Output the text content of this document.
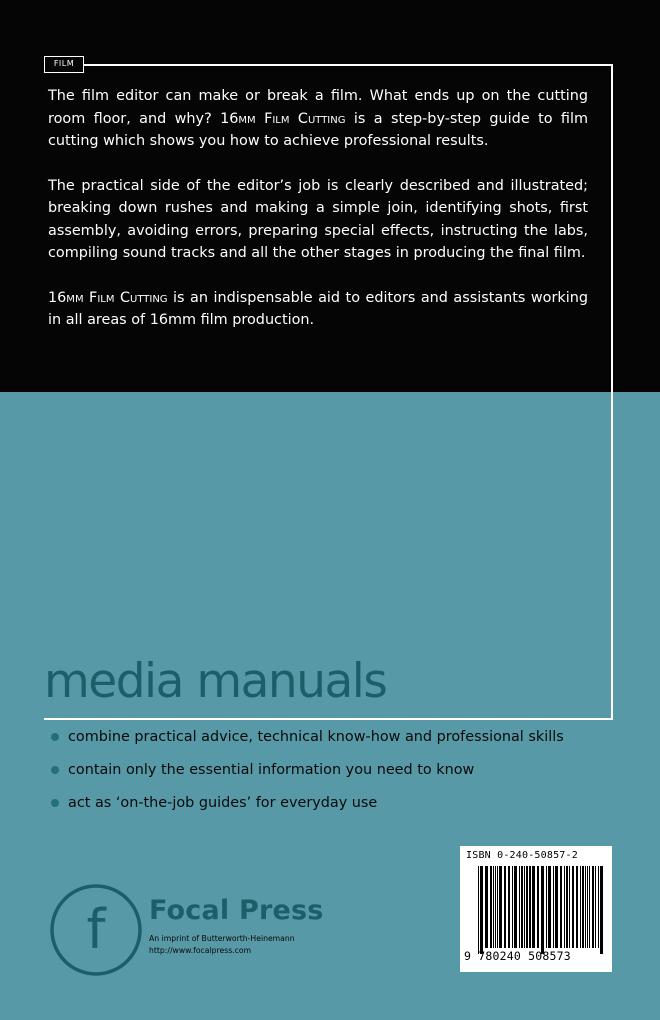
FILM

The film editor can make or break a film. What ends up on the cutting room floor, and why? 16mm Film Cutting is a step-by-step guide to film cutting which shows you how to achieve professional results.

The practical side of the editor’s job is clearly described and illustrated; breaking down rushes and making a simple join, identifying shots, first assembly, avoiding errors, preparing special effects, instructing the labs, compiling sound tracks and all the other stages in producing the final film.

16mm Film Cutting is an indispensable aid to editors and assistants working in all areas of 16mm film production.

media manuals
combine practical advice, technical know-how and professional skills
contain only the essential information you need to know
act as ‘on-the-job guides’ for everyday use
f Focal Press
An imprint of Butterworth-Heinemann
http://www.focalpress.com
ISBN 0-240-50857-2
9 780240 508573
